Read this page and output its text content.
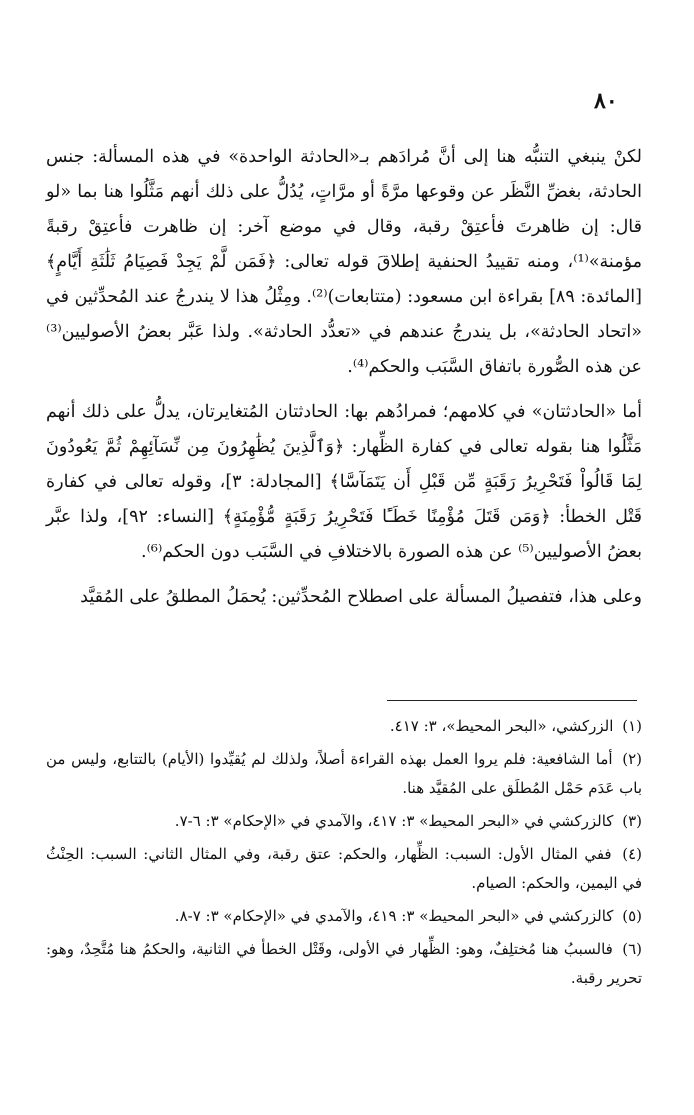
٨٠

لكنْ ينبغي التنبُّه هنا إلى أنَّ مُرادَهم بـ«الحادثة الواحدة» في هذه المسألة: جنس الحادثة، بغضِّ النَّظَر عن وقوعها مرَّةً أو مرَّاتٍ، يُدُلُّ على ذلك أنهم مَثَّلُوا هنا بما «لو قال: إن ظاهرتَ فأعتِقْ رقبة، وقال في موضع آخر: إن ظاهرت فأعتِقْ رقبةً مؤمنة»⁽¹⁾، ومنه تقييدُ الحنفية إطلاقَ قوله تعالى: ﴿فَمَن لَّمْ يَجِدْ فَصِيَامُ ثَلَٰثَةِ أَيَّامٍ﴾ [المائدة: ٨٩] بقراءة ابن مسعود: (متتابعات)⁽²⁾. ومِثْلُ هذا لا يندرجُ عند المُحدِّثين في «اتحاد الحادثة»، بل يندرجُ عندهم في «تعدُّد الحادثة». ولذا عَبَّر بعضُ الأصوليين⁽³⁾ عن هذه الصُّورة باتفاق السَّبَب والحكم⁽⁴⁾.

أما «الحادثتان» في كلامهم؛ فمرادُهم بها: الحادثتان المُتغايرتان، يدلُّ على ذلك أنهم مَثَّلُوا هنا بقوله تعالى في كفارة الظِّهار: ﴿وَٱلَّذِينَ يُظَٰهِرُونَ مِن نِّسَآئِهِمْ ثُمَّ يَعُودُونَ لِمَا قَالُواْ فَتَحْرِيرُ رَقَبَةٍ مِّن قَبْلِ أَن يَتَمَآسَّا﴾ [المجادلة: ٣]، وقوله تعالى في كفارة قَتْل الخطأ: ﴿وَمَن قَتَلَ مُؤْمِنًا خَطَـًٔا فَتَحْرِيرُ رَقَبَةٍ مُّؤْمِنَةٍ﴾ [النساء: ٩٢]، ولذا عبَّر بعضُ الأصوليين⁽⁵⁾ عن هذه الصورة بالاختلافِ في السَّبَب دون الحكم⁽⁶⁾.

وعلى هذا، فتفصيلُ المسألة على اصطلاح المُحدِّثين: يُحمَلُ المطلقُ على المُقيَّد

(١) الزركشي، «البحر المحيط»، ٣: ٤١٧.
(٢) أما الشافعية: فلم يروا العمل بهذه القراءة أصلاً، ولذلك لم يُقيِّدوا (الأيام) بالتتابع، وليس من باب عَدَم حَمْل المُطلَق على المُقيَّد هنا.
(٣) كالزركشي في «البحر المحيط» ٣: ٤١٧، والآمدي في «الإحكام» ٣: ٦-٧.
(٤) ففي المثال الأول: السبب: الظِّهار، والحكم: عتق رقبة، وفي المثال الثاني: السبب: الحِنْثُ في اليمين، والحكم: الصيام.
(٥) كالزركشي في «البحر المحيط» ٣: ٤١٩، والآمدي في «الإحكام» ٣: ٧-٨.
(٦) فالسببُ هنا مُختلِفٌ، وهو: الظِّهار في الأولى، وقَتْل الخطأ في الثانية، والحكمُ هنا مُتَّحِدٌ، وهو: تحرير رقبة.
